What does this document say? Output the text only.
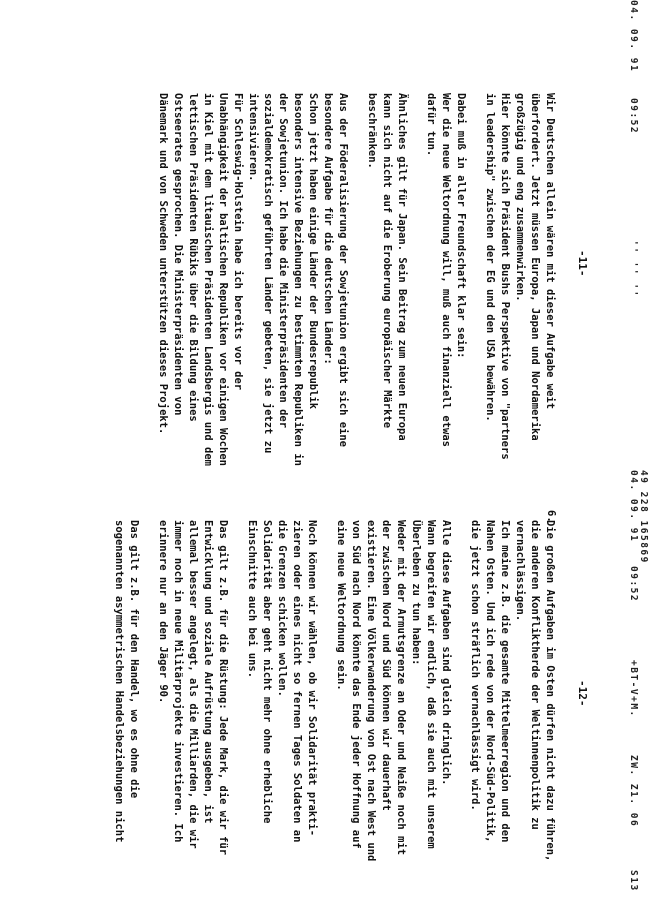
04. 09. 91
09:52
'' '' ''
49 228 165869
04. 09. 91
09:52
+BT-V+M.
ZW. Z1. 06
S13
-11-
-12-

Wir Deutschen allein wären mit dieser Aufgabe weit
überfordert. Jetzt müssen Europa, Japan und Nordamerika
großzügig und eng zusammenwirken.
Hier könnte sich Präsident Bushs Perspektive von "partners
in leadership" zwischen der EG und den USA bewähren.

Dabei muß in aller Freundschaft klar sein:
Wer die neue Weltordnung will, muß auch finanziell etwas
dafür tun.

Ähnliches gilt für Japan. Sein Beitrag zum neuen Europa
kann sich nicht auf die Eroberung europäischer Märkte
beschränken.

Aus der Föderalisierung der Sowjetunion ergibt sich eine
besondere Aufgabe für die deutschen Länder:
Schon jetzt haben einige Länder der Bundesrepublik
besonders intensive Beziehungen zu bestimmten Republiken in
der Sowjetunion. Ich habe die Ministerpräsidenten der
sozialdemokratisch geführten Länder gebeten, sie jetzt zu
intensivieren.
Für Schleswig-Holstein habe ich bereits vor der
Unabhängigkeit der baltischen Republiken vor einigen Wochen
in Kiel mit dem litauischen Präsidenten Landsbergis und dem
lettischen Präsidenten Rübiks über die Bildung eines
Ostseerates gesprochen. Die Ministerpräsidenten von
Dänemark und von Schweden unterstützen dieses Projekt.

6.

Die großen Aufgaben im Osten dürfen nicht dazu führen,
die anderen Konfliktherde der Weltinnenpolitik zu
vernachlässigen.
Ich meine z.B. die gesamte Mittelmeerregion und den
Nahen Osten. Und ich rede von der Nord-Süd-Politik,
die jetzt schon sträflich vernachlässigt wird.

Alle diese Aufgaben sind gleich dringlich.
Wann begreifen wir endlich, daß sie auch mit unserem
Überleben zu tun haben:
Weder mit der Armutsgrenze an Oder und Neiße noch mit
der zwischen Nord und Süd können wir dauerhaft
existieren. Eine Völkerwanderung von Ost nach West und
von Süd nach Nord könnte das Ende jeder Hoffnung auf
eine neue Weltordnung sein.

Noch können wir wählen, ob wir Solidarität prakti-
zieren oder eines nicht so fernen Tages Soldaten an
die Grenzen schicken wollen.
Solidarität aber geht nicht mehr ohne erhebliche
Einschnitte auch bei uns.

Das gilt z.B. für die Rüstung: Jede Mark, die wir für
Entwicklung und soziale Aufrüstung ausgeben, ist
allemal besser angelegt, als die Milliarden, die wir
immer noch in neue Militärprojekte investieren. Ich
erinnere nur an den Jäger 90.

Das gilt z.B. für den Handel, wo es ohne die
sogenannten asymmetrischen Handelsbeziehungen nicht
